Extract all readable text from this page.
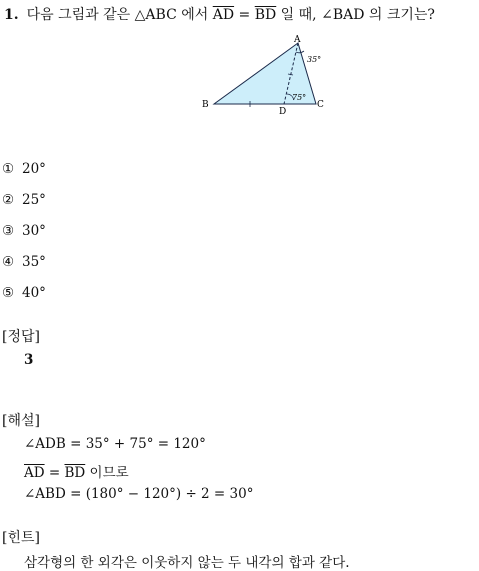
1. 다음 그림과 같은 △ABC 에서 $\overline{AD} = \overline{BD}$ 일 때, ∠BAD 의 크기는?
A
B	C
D
35°
75°
① 20°
② 25°
③ 30°
④ 35°
⑤ 40°
[정답]
3
[해설]
∠ADB = 35° + 75° = 120°
$\overline{AD} = \overline{BD}$ 이므로
∠ABD = (180° − 120°) ÷ 2 = 30°
[힌트]
삼각형의 한 외각은 이웃하지 않는 두 내각의 합과 같다.
